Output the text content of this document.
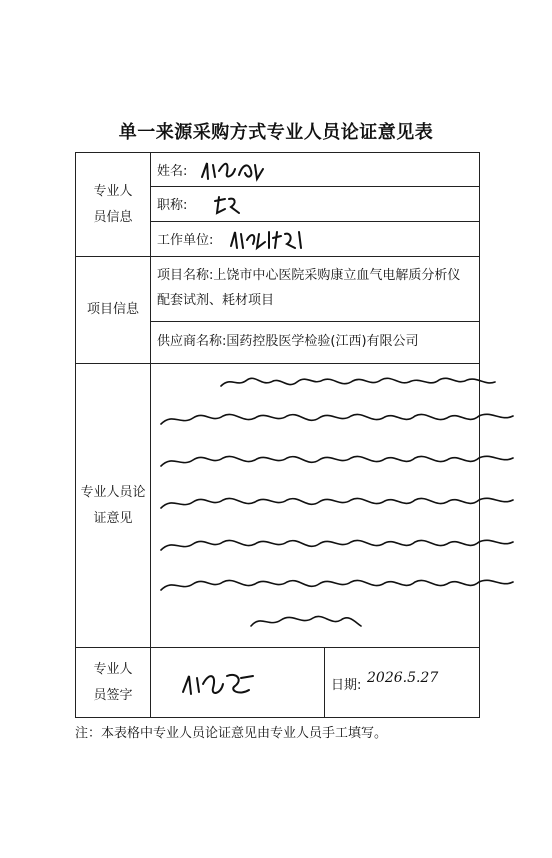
单一来源采购方式专业人员论证意见表
专业人员信息	姓名:
职称:
工作单位:	

项目信息	项目名称:上饶市中心医院采购康立血气电解质分析仪配套试剂、耗材项目
供应商名称:国药控股医学检验(江西)有限公司	

专业人员论证意见

专业人员签字		日期: 2026.5.27
注：本表格中专业人员论证意见由专业人员手工填写。
